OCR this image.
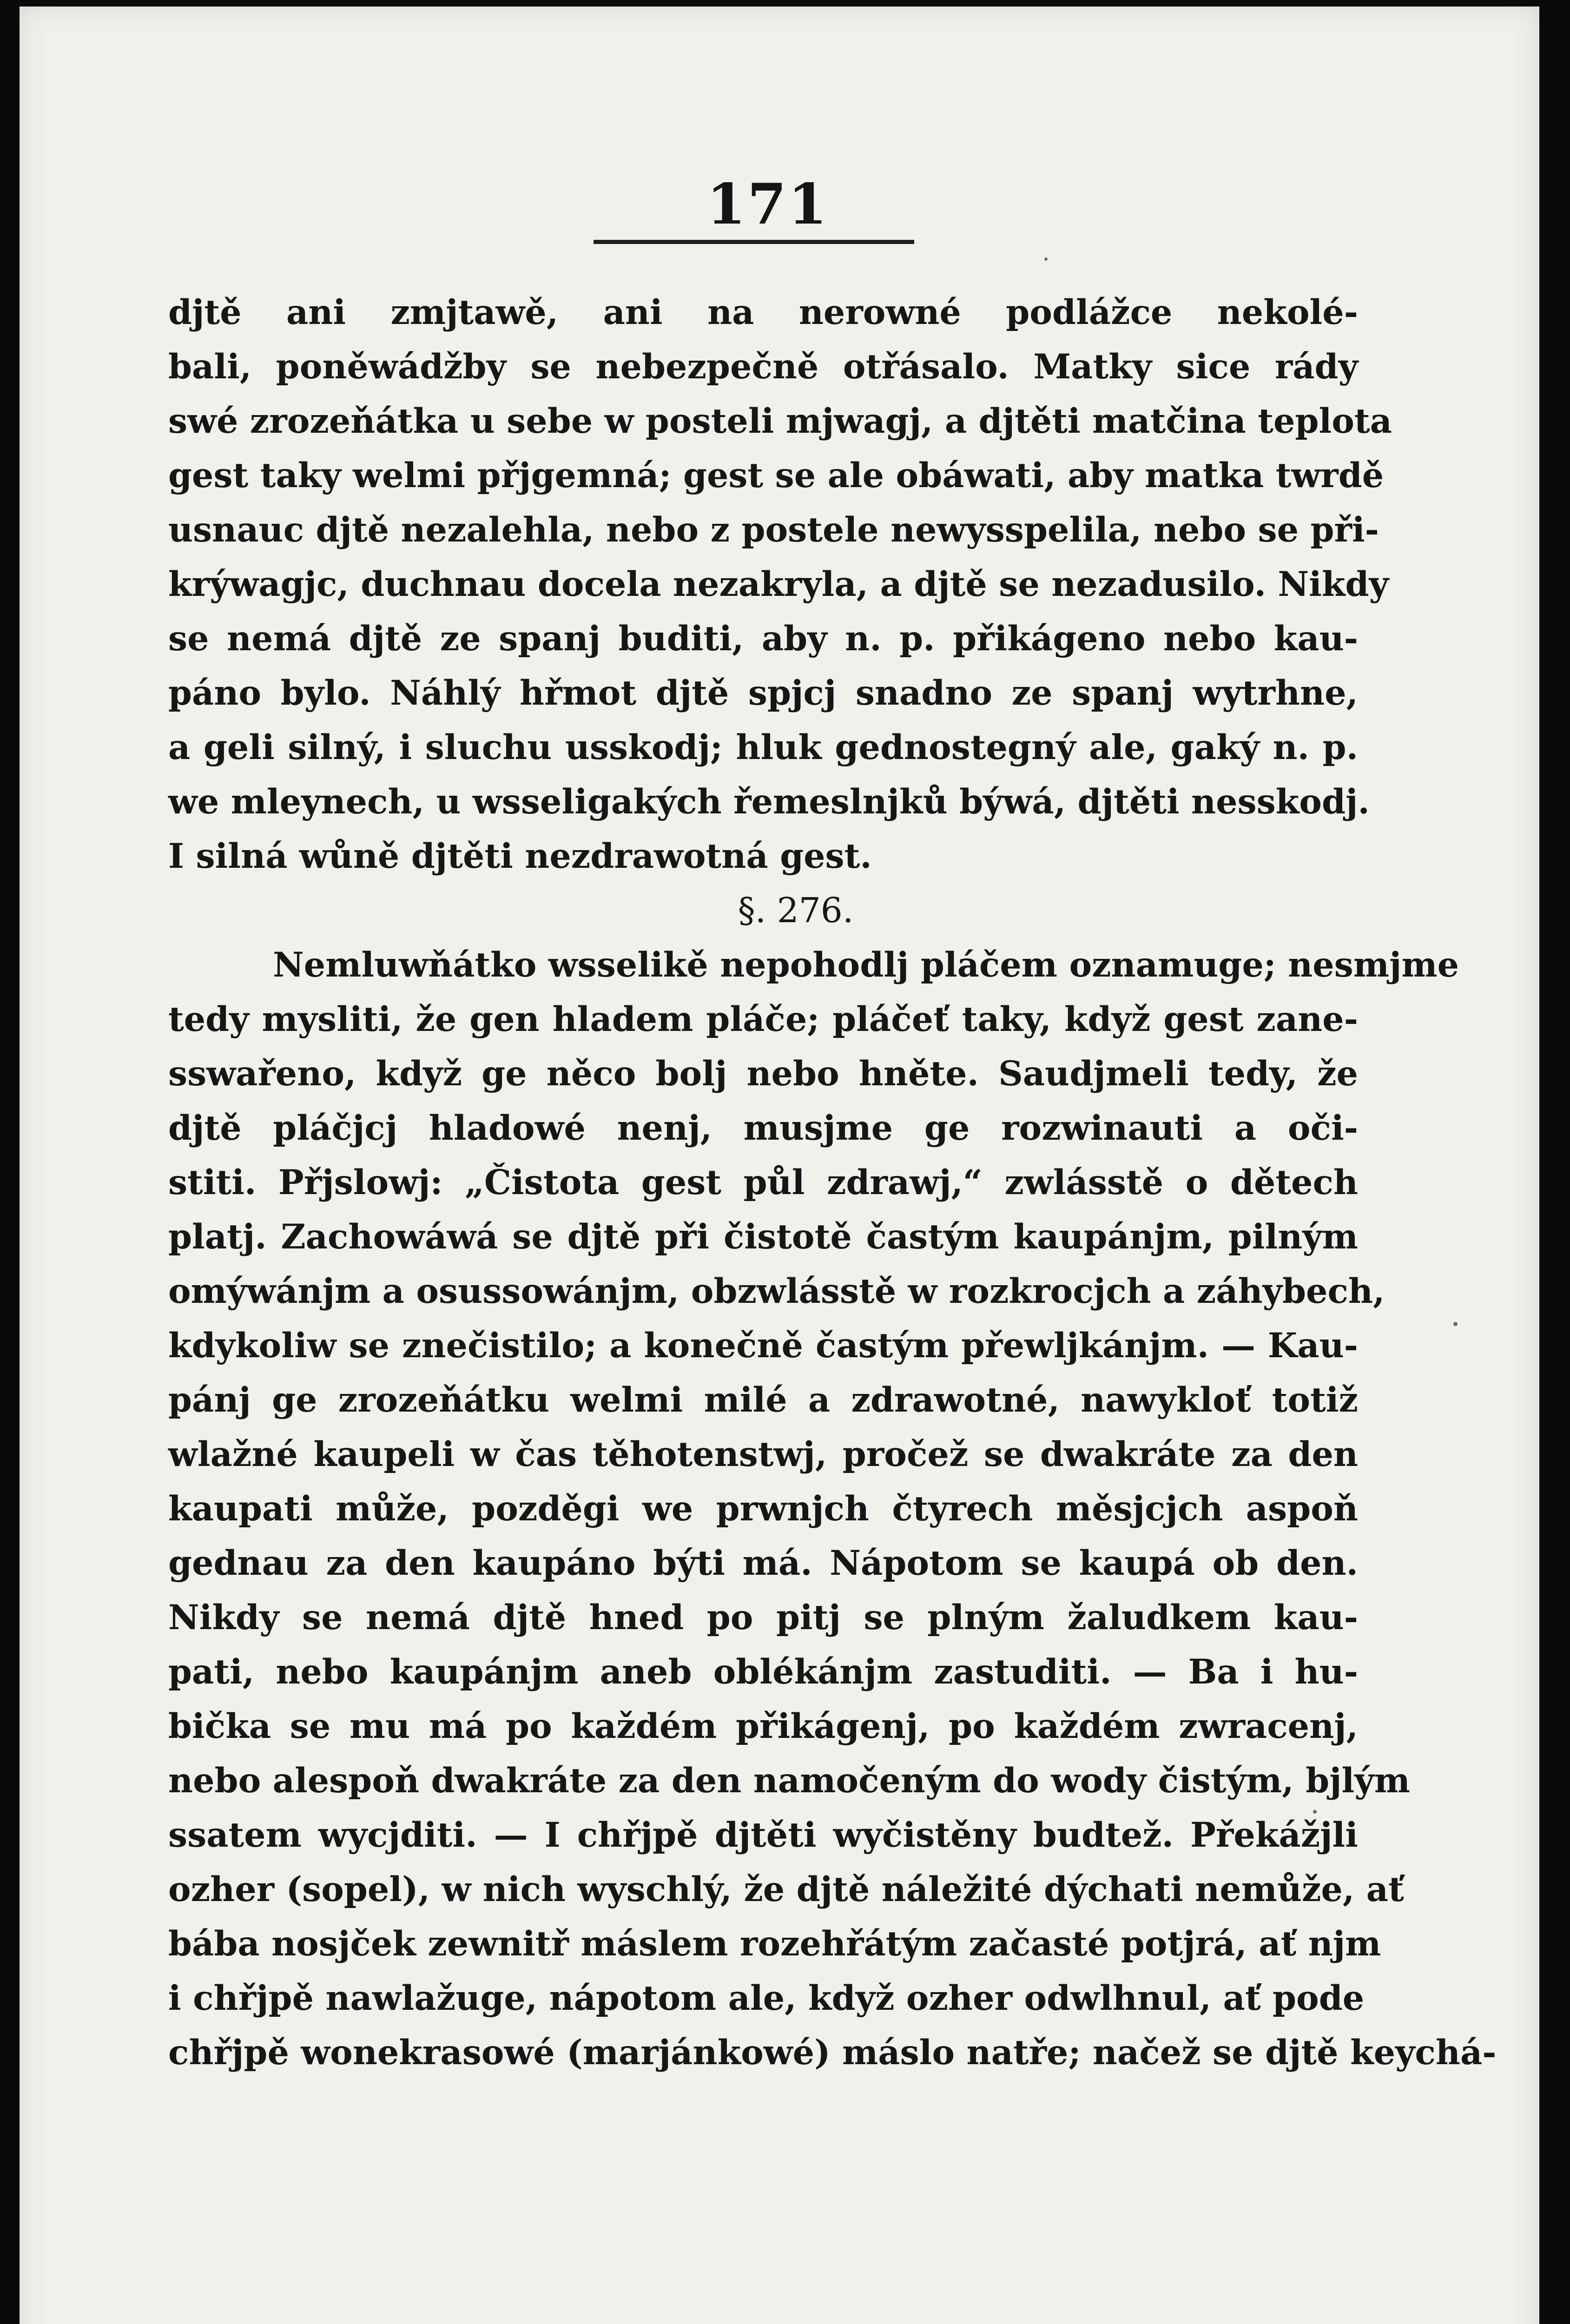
171
djtě ani zmjtawě, ani na nerowné podlážce nekolé-
bali, poněwádžby se nebezpečně otřásalo. Matky sice rády
swé zrozeňátka u sebe w posteli mjwagj, a djtěti matčina teplota
gest taky welmi přjgemná; gest se ale obáwati, aby matka twrdě
usnauc djtě nezalehla, nebo z postele newysspelila, nebo se při-
krýwagjc, duchnau docela nezakryla, a djtě se nezadusilo. Nikdy
se nemá djtě ze spanj buditi, aby n. p. přikágeno nebo kau-
páno bylo. Náhlý hřmot djtě spjcj snadno ze spanj wytrhne,
a geli silný, i sluchu usskodj; hluk gednostegný ale, gaký n. p.
we mleynech, u wsseligakých řemeslnjků býwá, djtěti nesskodj.
I silná wůně djtěti nezdrawotná gest.
§. 276.
Nemluwňátko wsselikě nepohodlj pláčem oznamuge; nesmjme
tedy mysliti, že gen hladem pláče; pláčeť taky, když gest zane-
sswařeno, když ge něco bolj nebo hněte. Saudjmeli tedy, že
djtě pláčjcj hladowé nenj, musjme ge rozwinauti a oči-
stiti. Přjslowj: „Čistota gest půl zdrawj,“ zwlásstě o dětech
platj. Zachowáwá se djtě při čistotě častým kaupánjm, pilným
omýwánjm a osussowánjm, obzwlásstě w rozkrocjch a záhybech,
kdykoliw se znečistilo; a konečně častým přewljkánjm. — Kau-
pánj ge zrozeňátku welmi milé a zdrawotné, nawykloť totiž
wlažné kaupeli w čas těhotenstwj, pročež se dwakráte za den
kaupati může, pozděgi we prwnjch čtyrech měsjcjch aspoň
gednau za den kaupáno býti má. Nápotom se kaupá ob den.
Nikdy se nemá djtě hned po pitj se plným žaludkem kau-
pati, nebo kaupánjm aneb oblékánjm zastuditi. — Ba i hu-
bička se mu má po každém přikágenj, po každém zwracenj,
nebo alespoň dwakráte za den namočeným do wody čistým, bjlým
ssatem wycjditi. — I chřjpě djtěti wyčistěny budtež. Překážjli
ozher (sopel), w nich wyschlý, že djtě náležité dýchati nemůže, ať
bába nosjček zewnitř máslem rozehřátým začasté potjrá, ať njm
i chřjpě nawlažuge, nápotom ale, když ozher odwlhnul, ať pode
chřjpě wonekrasowé (marjánkowé) máslo natře; načež se djtě keychá-
